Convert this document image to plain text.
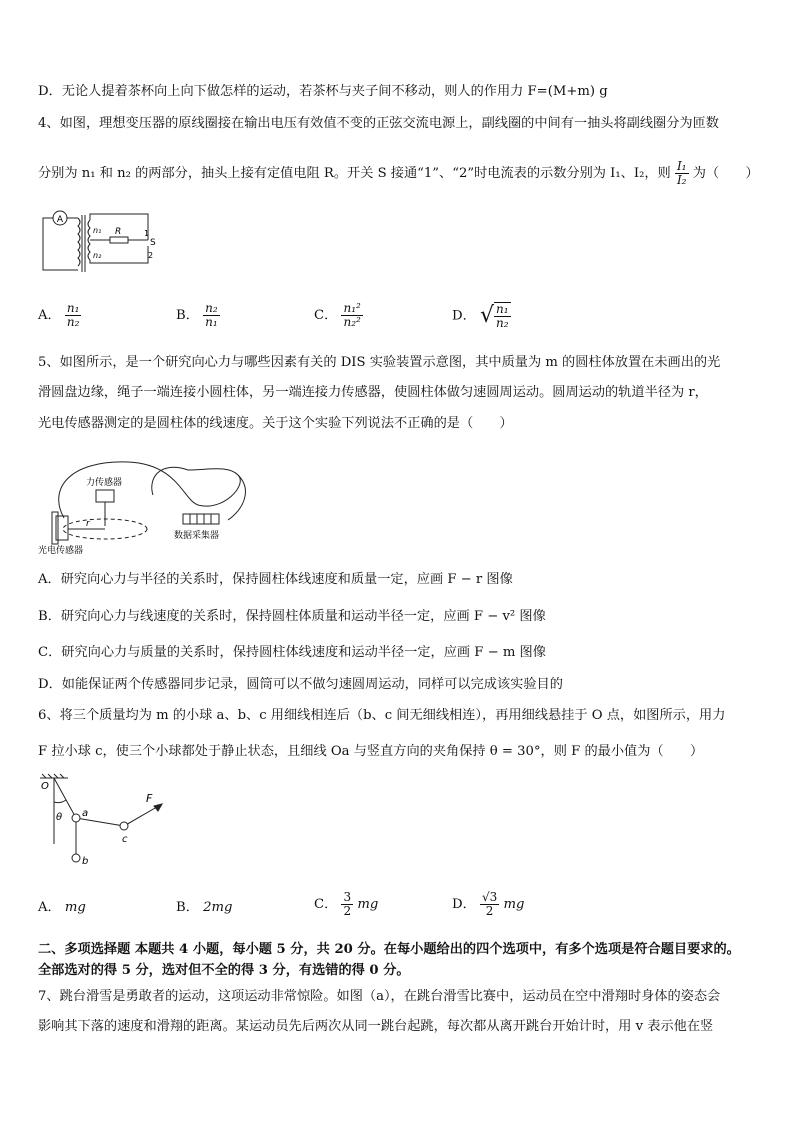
D．无论人提着茶杯向上向下做怎样的运动，若茶杯与夹子间不移动，则人的作用力 F=(M+m) g
4、如图，理想变压器的原线圈接在输出电压有效值不变的正弦交流电源上，副线圈的中间有一抽头将副线圈分为匝数
分别为 n₁ 和 n₂ 的两部分，抽头上接有定值电阻 R。开关 S 接通“1”、“2”时电流表的示数分别为 I₁、I₂，则 $\frac{\text{I₁}}{\text{I₂}}$ 为（　　）
A
n₁
n₂
R	1
S
2
A． $\frac{\text{n₁}}{\text{n₂}}$	B． $\frac{\text{n₂}}{\text{n₁}}$	C． $\frac{\text{n₁²}}{\text{n₂²}}$	D． √ $\frac{\text{n₁}}{\text{n₂}}$
5、如图所示，是一个研究向心力与哪些因素有关的 DIS 实验装置示意图，其中质量为 m 的圆柱体放置在未画出的光
滑圆盘边缘，绳子一端连接小圆柱体，另一端连接力传感器，使圆柱体做匀速圆周运动。圆周运动的轨道半径为 r，
光电传感器测定的是圆柱体的线速度。关于这个实验下列说法不正确的是（　　）
力传感器
r
数据采集器
光电传感器
A．研究向心力与半径的关系时，保持圆柱体线速度和质量一定，应画 F − r 图像
B．研究向心力与线速度的关系时，保持圆柱体质量和运动半径一定，应画 F − v² 图像
C．研究向心力与质量的关系时，保持圆柱体线速度和运动半径一定，应画 F − m 图像
D．如能保证两个传感器同步记录，圆筒可以不做匀速圆周运动，同样可以完成该实验目的
6、将三个质量均为 m 的小球 a、b、c 用细线相连后（b、c 间无细线相连），再用细线悬挂于 O 点，如图所示，用力
F 拉小球 c，使三个小球都处于静止状态，且细线 Oa 与竖直方向的夹角保持 θ = 30°，则 F 的最小值为（　　）
O
θ a
b
c
F
A． mg	B． 2mg	C． $\frac{3}{2}$ mg	D． $\frac{√3}{2}$ mg
二、多项选择题 本题共 4 小题，每小题 5 分，共 20 分。在每小题给出的四个选项中，有多个选项是符合题目要求的。
全部选对的得 5 分，选对但不全的得 3 分，有选错的得 0 分。
7、跳台滑雪是勇敢者的运动，这项运动非常惊险。如图（a），在跳台滑雪比赛中，运动员在空中滑翔时身体的姿态会
影响其下落的速度和滑翔的距离。某运动员先后两次从同一跳台起跳，每次都从离开跳台开始计时，用 v 表示他在竖
